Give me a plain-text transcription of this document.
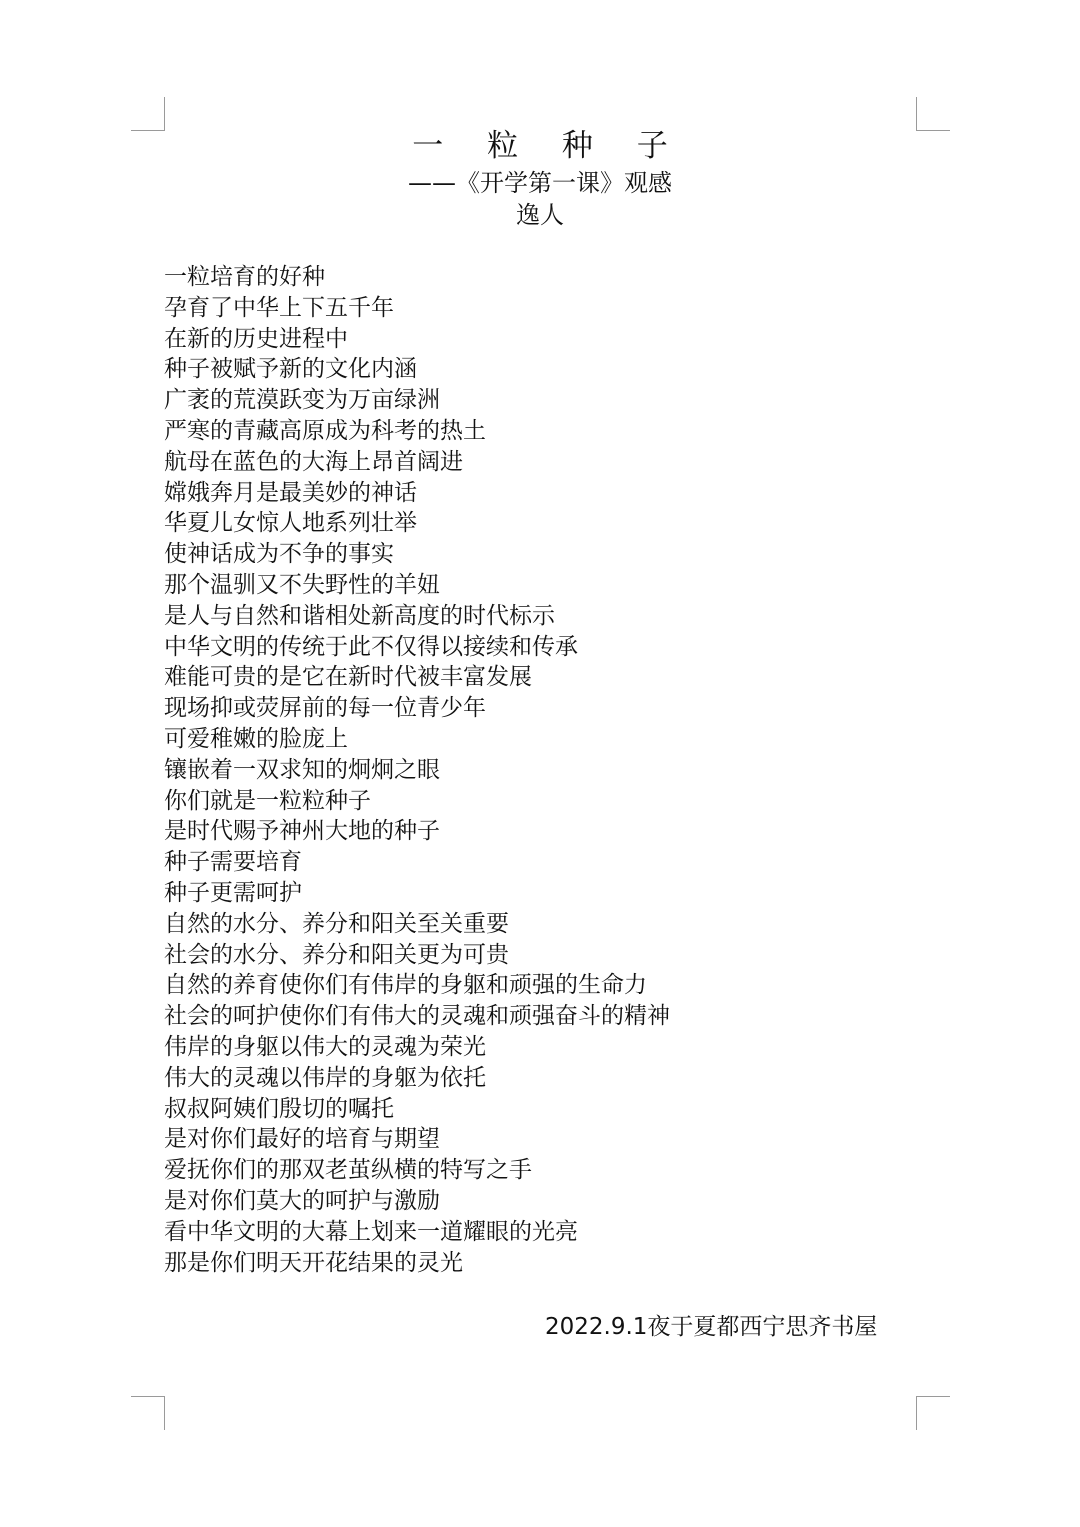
一 粒 种 子
——《开学第一课》观感
逸人
一粒培育的好种
孕育了中华上下五千年
在新的历史进程中
种子被赋予新的文化内涵
广袤的荒漠跃变为万亩绿洲
严寒的青藏高原成为科考的热土
航母在蓝色的大海上昂首阔进
嫦娥奔月是最美妙的神话
华夏儿女惊人地系列壮举
使神话成为不争的事实
那个温驯又不失野性的羊妞
是人与自然和谐相处新高度的时代标示
中华文明的传统于此不仅得以接续和传承
难能可贵的是它在新时代被丰富发展
现场抑或荧屏前的每一位青少年
可爱稚嫩的脸庞上
镶嵌着一双求知的炯炯之眼
你们就是一粒粒种子
是时代赐予神州大地的种子
种子需要培育
种子更需呵护
自然的水分、养分和阳关至关重要
社会的水分、养分和阳关更为可贵
自然的养育使你们有伟岸的身躯和顽强的生命力
社会的呵护使你们有伟大的灵魂和顽强奋斗的精神
伟岸的身躯以伟大的灵魂为荣光
伟大的灵魂以伟岸的身躯为依托
叔叔阿姨们殷切的嘱托
是对你们最好的培育与期望
爱抚你们的那双老茧纵横的特写之手
是对你们莫大的呵护与激励
看中华文明的大幕上划来一道耀眼的光亮
那是你们明天开花结果的灵光
2022.9.1夜于夏都西宁思齐书屋
